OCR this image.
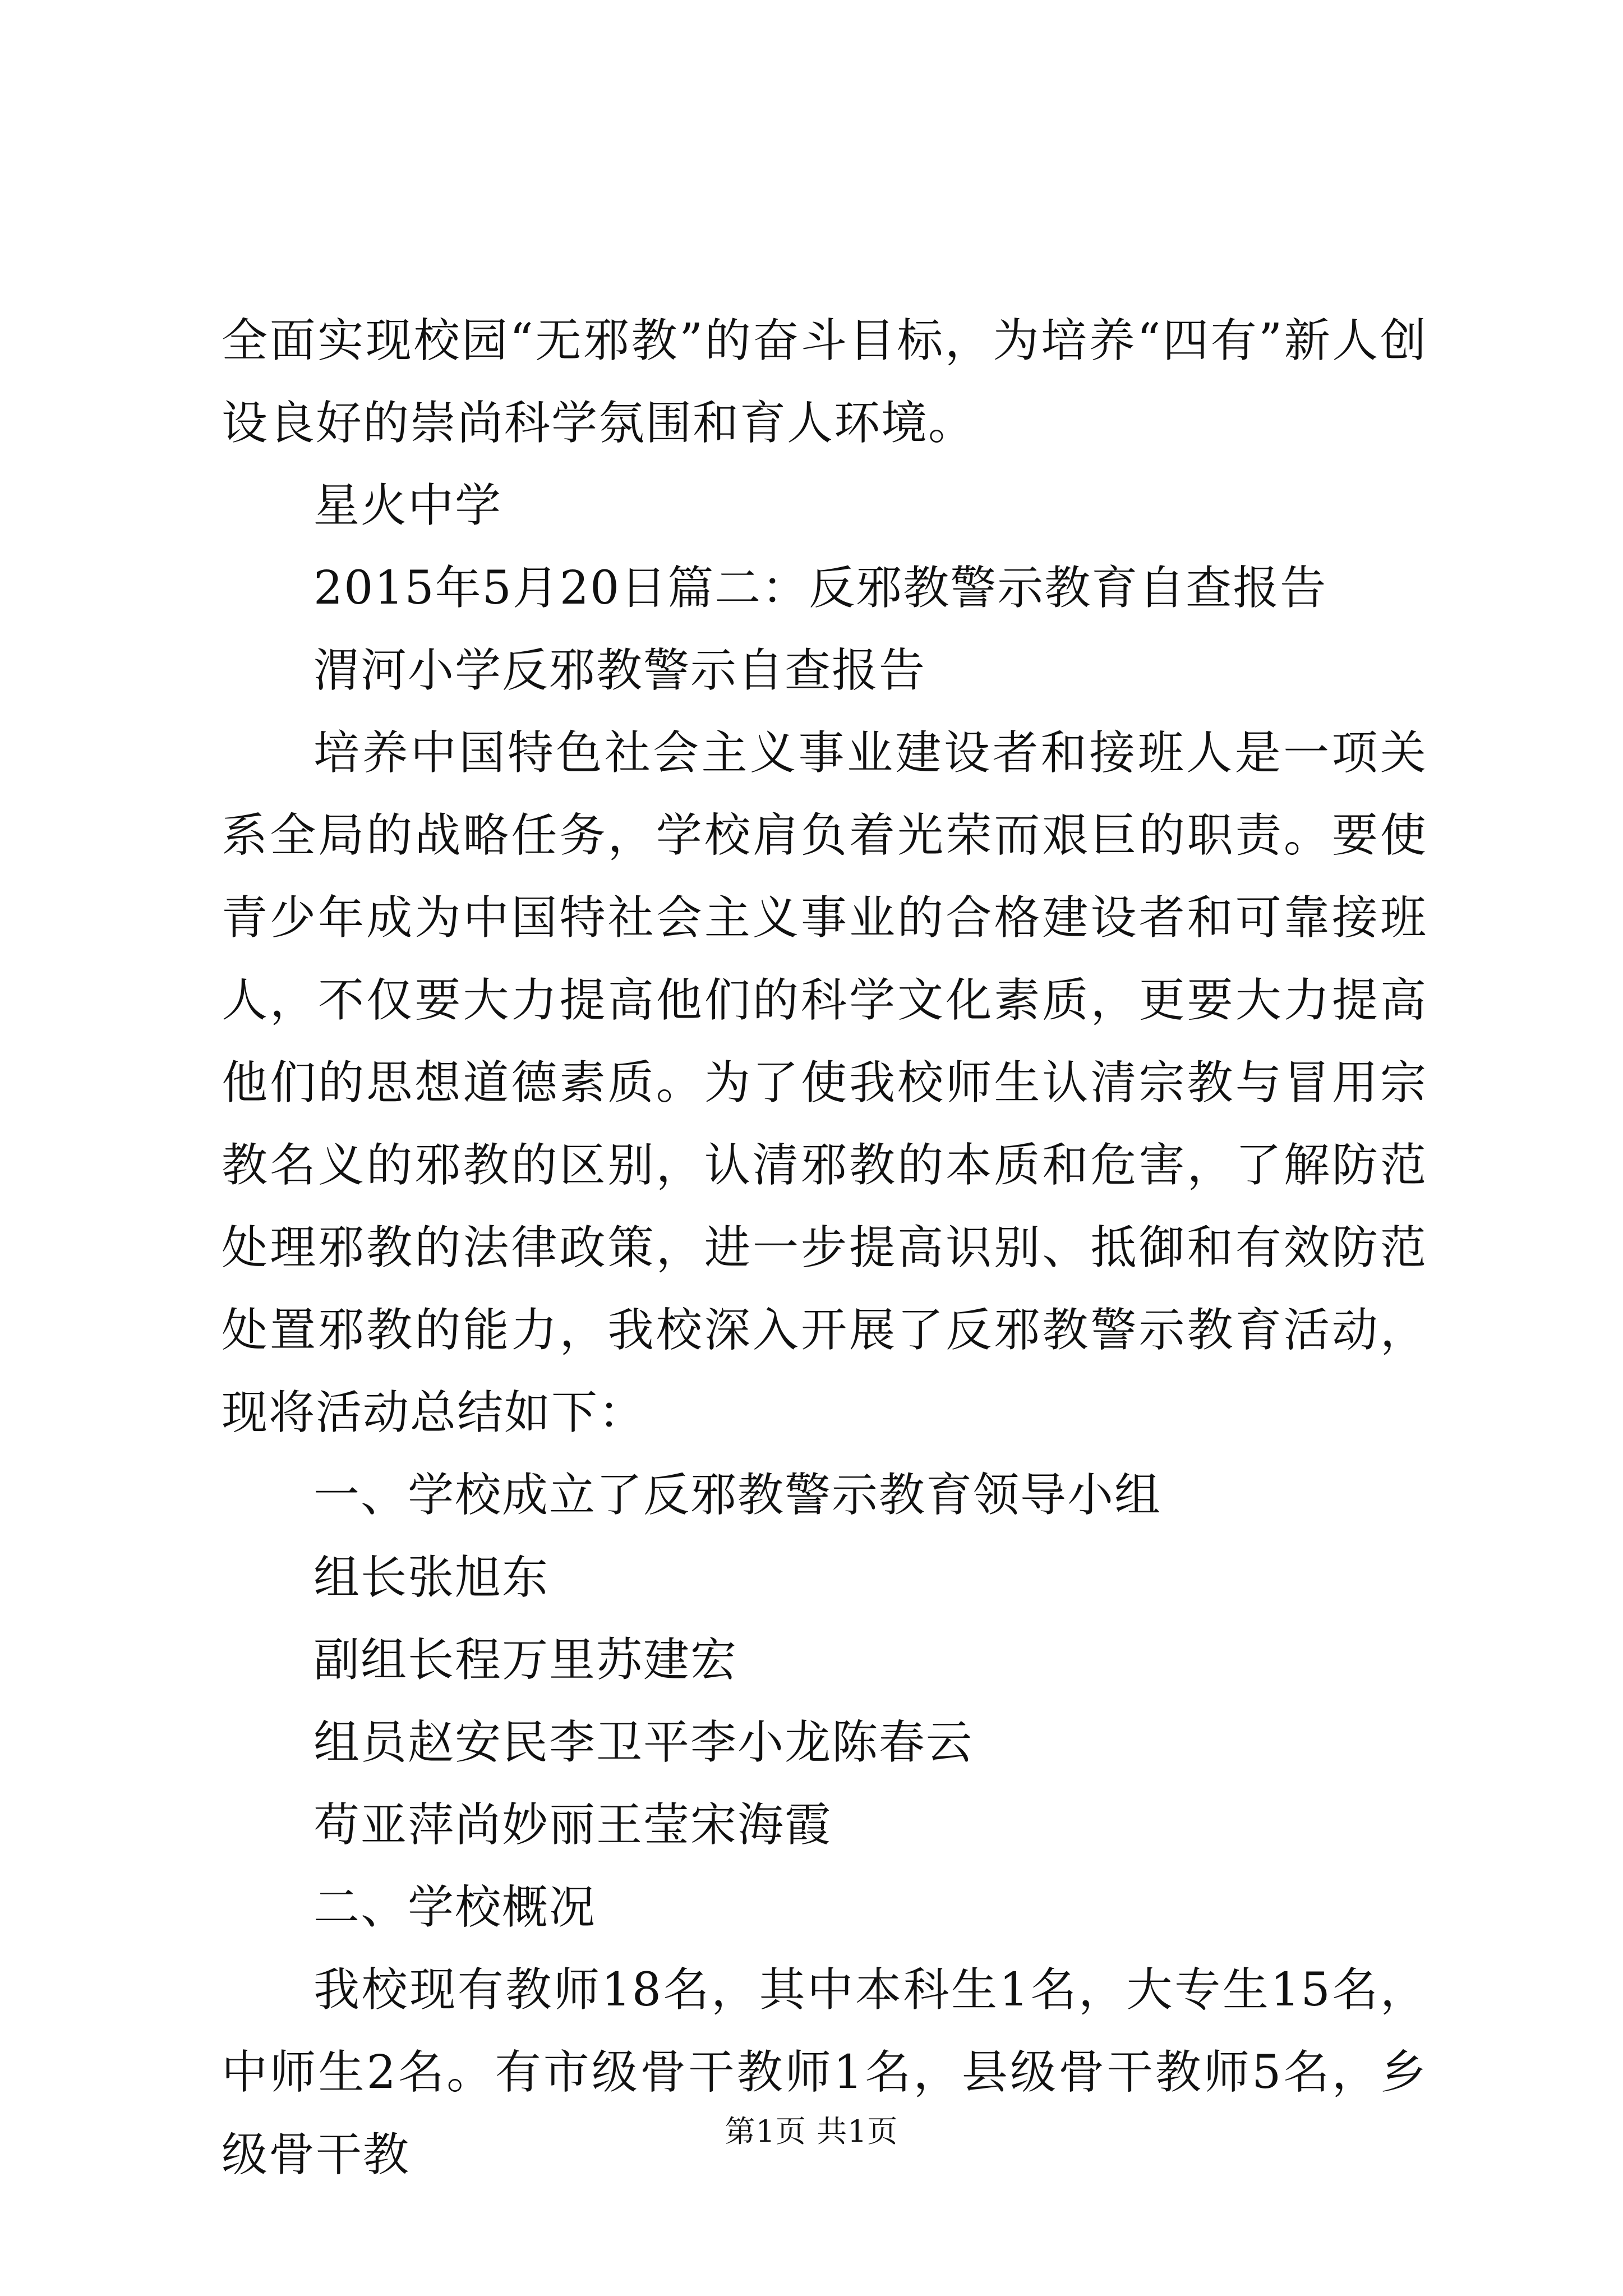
全面实现校园“无邪教”的奋斗目标，为培养“四有”新人创设良好的崇尚科学氛围和育人环境。

星火中学

2015年5月20日篇二：反邪教警示教育自查报告

渭河小学反邪教警示自查报告

培养中国特色社会主义事业建设者和接班人是一项关系全局的战略任务，学校肩负着光荣而艰巨的职责。要使青少年成为中国特社会主义事业的合格建设者和可靠接班人，不仅要大力提高他们的科学文化素质，更要大力提高他们的思想道德素质。为了使我校师生认清宗教与冒用宗教名义的邪教的区别，认清邪教的本质和危害，了解防范处理邪教的法律政策，进一步提高识别、抵御和有效防范处置邪教的能力，我校深入开展了反邪教警示教育活动，现将活动总结如下：

一、学校成立了反邪教警示教育领导小组

组长张旭东

副组长程万里苏建宏

组员赵安民李卫平李小龙陈春云

苟亚萍尚妙丽王莹宋海霞

二、学校概况

我校现有教师18名，其中本科生1名，大专生15名，中师生2名。有市级骨干教师1名，县级骨干教师5名，乡级骨干教	第1页 共1页
